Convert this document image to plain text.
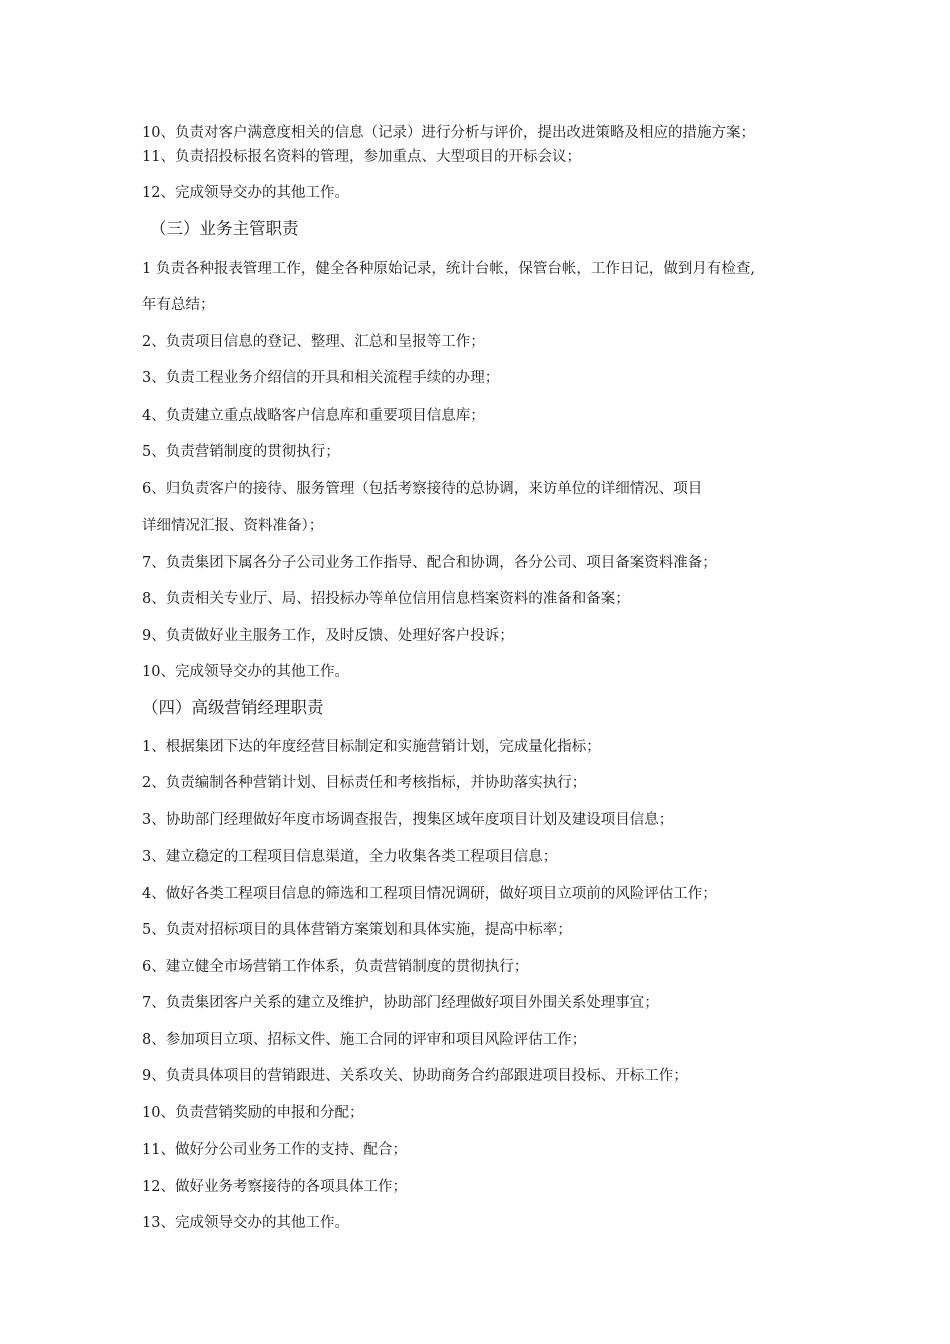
10、负责对客户满意度相关的信息（记录）进行分析与评价，提出改进策略及相应的措施方案；
11、负责招投标报名资料的管理，参加重点、大型项目的开标会议；
12、完成领导交办的其他工作。
（三）业务主管职责
1 负责各种报表管理工作，健全各种原始记录，统计台帐，保管台帐，工作日记，做到月有检查,
年有总结；
2、负责项目信息的登记、整理、汇总和呈报等工作；
3、负责工程业务介绍信的开具和相关流程手续的办理；
4、负责建立重点战略客户信息库和重要项目信息库；
5、负责营销制度的贯彻执行；
6、归负责客户的接待、服务管理（包括考察接待的总协调，来访单位的详细情况、项目
详细情况汇报、资料准备）；
7、负责集团下属各分子公司业务工作指导、配合和协调，各分公司、项目备案资料准备；
8、负责相关专业厅、局、招投标办等单位信用信息档案资料的准备和备案；
9、负责做好业主服务工作，及时反馈、处理好客户投诉；
10、完成领导交办的其他工作。
（四）高级营销经理职责
1、根据集团下达的年度经营目标制定和实施营销计划，完成量化指标；
2、负责编制各种营销计划、目标责任和考核指标，并协助落实执行；
3、协助部门经理做好年度市场调查报告，搜集区域年度项目计划及建设项目信息；
3、建立稳定的工程项目信息渠道，全力收集各类工程项目信息；
4、做好各类工程项目信息的筛选和工程项目情况调研，做好项目立项前的风险评估工作；
5、负责对招标项目的具体营销方案策划和具体实施，提高中标率；
6、建立健全市场营销工作体系，负责营销制度的贯彻执行；
7、负责集团客户关系的建立及维护，协助部门经理做好项目外围关系处理事宜；
8、参加项目立项、招标文件、施工合同的评审和项目风险评估工作；
9、负责具体项目的营销跟进、关系攻关、协助商务合约部跟进项目投标、开标工作；
10、负责营销奖励的申报和分配；
11、做好分公司业务工作的支持、配合；
12、做好业务考察接待的各项具体工作；
13、完成领导交办的其他工作。
